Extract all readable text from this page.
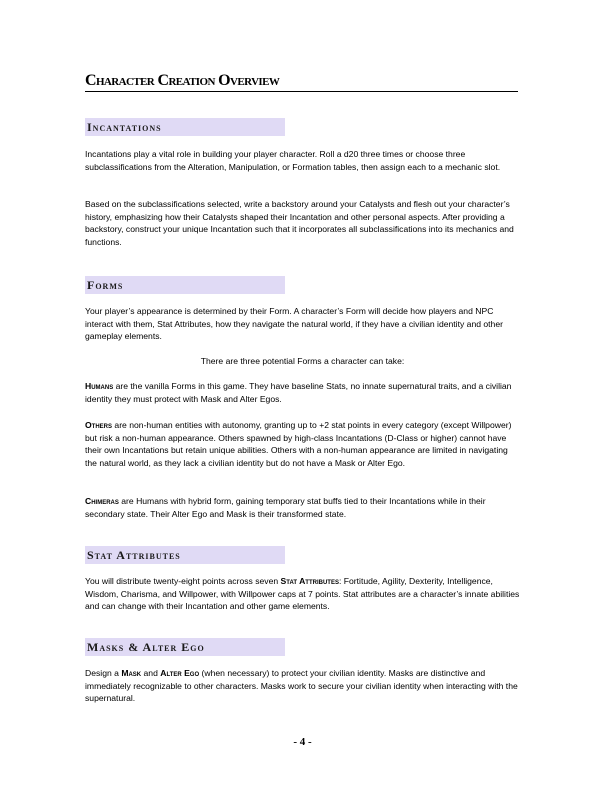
Character Creation Overview
Incantations

Incantations play a vital role in building your player character. Roll a d20 three times or choose three subclassifications from the Alteration, Manipulation, or Formation tables, then assign each to a mechanic slot.

Based on the subclassifications selected, write a backstory around your Catalysts and flesh out your character’s history, emphasizing how their Catalysts shaped their Incantation and other personal aspects. After providing a backstory, construct your unique Incantation such that it incorporates all subclassifications into its mechanics and functions.

Forms

Your player’s appearance is determined by their Form. A character’s Form will decide how players and NPC interact with them, Stat Attributes, how they navigate the natural world, if they have a civilian identity and other gameplay elements.

There are three potential Forms a character can take:

Humans are the vanilla Forms in this game. They have baseline Stats, no innate supernatural traits, and a civilian identity they must protect with Mask and Alter Egos.

Others are non-human entities with autonomy, granting up to +2 stat points in every category (except Willpower) but risk a non-human appearance. Others spawned by high-class Incantations (D-Class or higher) cannot have their own Incantations but retain unique abilities. Others with a non-human appearance are limited in navigating the natural world, as they lack a civilian identity but do not have a Mask or Alter Ego.

Chimeras are Humans with hybrid form, gaining temporary stat buffs tied to their Incantations while in their secondary state. Their Alter Ego and Mask is their transformed state.

Stat Attributes

You will distribute twenty-eight points across seven Stat Attributes: Fortitude, Agility, Dexterity, Intelligence, Wisdom, Charisma, and Willpower, with Willpower caps at 7 points. Stat attributes are a character’s innate abilities and can change with their Incantation and other game elements.

Masks & Alter Ego

Design a Mask and Alter Ego (when necessary) to protect your civilian identity. Masks are distinctive and immediately recognizable to other characters. Masks work to secure your civilian identity when interacting with the supernatural.

- 4 -
